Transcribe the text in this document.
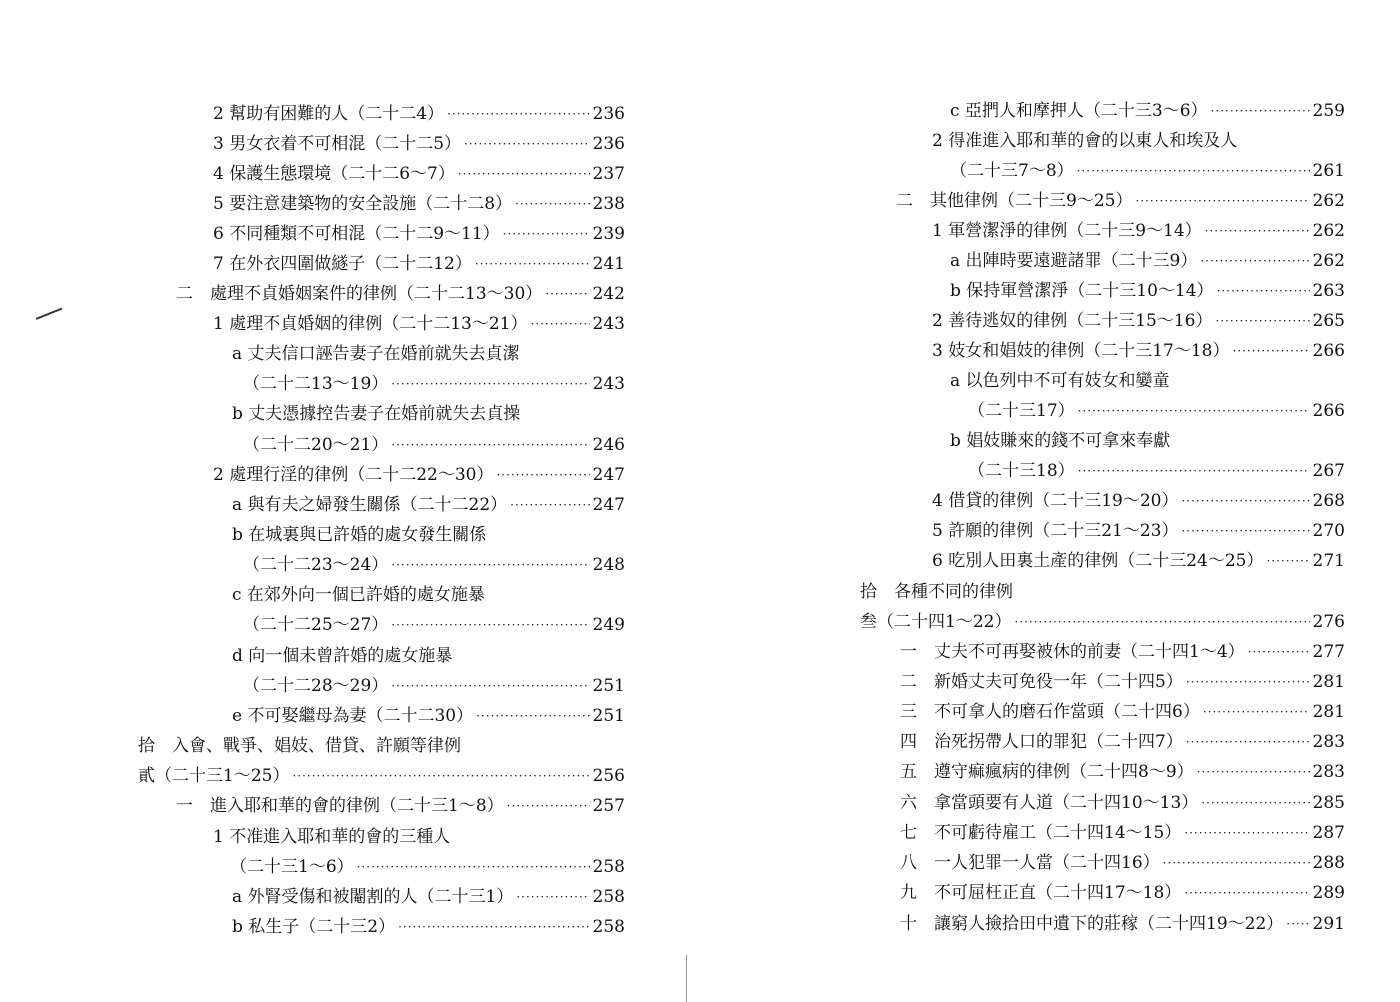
2 幫助有困難的人（二十二4） ·····	236
3 男女衣着不可相混（二十二5） ·····	236
4 保護生態環境（二十二6～7） ·····	237
5 要注意建築物的安全設施（二十二8） ·····	238
6 不同種類不可相混（二十二9～11） ·····	239
7 在外衣四圍做繸子（二十二12） ·····	241
二　處理不貞婚姻案件的律例（二十二13～30） ·····	242
1 處理不貞婚姻的律例（二十二13～21） ·····	243
a 丈夫信口誣告妻子在婚前就失去貞潔
（二十二13～19） ·····	243
b 丈夫憑據控告妻子在婚前就失去貞操
（二十二20～21） ·····	246
2 處理行淫的律例（二十二22～30） ·····	247
a 與有夫之婦發生關係（二十二22） ·····	247
b 在城裏與已許婚的處女發生關係
（二十二23～24） ·····	248
c 在郊外向一個已許婚的處女施暴
（二十二25～27） ·····	249
d 向一個未曾許婚的處女施暴
（二十二28～29） ·····	251
e 不可娶繼母為妻（二十二30） ·····	251
拾　入會、戰爭、娼妓、借貸、許願等律例
貳（二十三1～25） ·····	256
一　進入耶和華的會的律例（二十三1～8） ·····	257
1 不准進入耶和華的會的三種人
（二十三1～6） ·····	258
a 外腎受傷和被閹割的人（二十三1） ·····	258
b 私生子（二十三2） ·····	258
c 亞捫人和摩押人（二十三3～6） ·····	259
2 得准進入耶和華的會的以東人和埃及人
（二十三7～8） ·····	261
二　其他律例（二十三9～25） ·····	262
1 軍營潔淨的律例（二十三9～14） ·····	262
a 出陣時要遠避諸罪（二十三9） ·····	262
b 保持軍營潔淨（二十三10～14） ·····	263
2 善待逃奴的律例（二十三15～16） ·····	265
3 妓女和娼妓的律例（二十三17～18） ·····	266
a 以色列中不可有妓女和孌童
（二十三17） ·····	266
b 娼妓賺來的錢不可拿來奉獻
（二十三18） ·····	267
4 借貸的律例（二十三19～20） ·····	268
5 許願的律例（二十三21～23） ·····	270
6 吃別人田裏土產的律例（二十三24～25） ·····	271
拾　各種不同的律例
叁（二十四1～22） ·····	276
一　丈夫不可再娶被休的前妻（二十四1～4） ·····	277
二　新婚丈夫可免役一年（二十四5） ·····	281
三　不可拿人的磨石作當頭（二十四6） ·····	281
四　治死拐帶人口的罪犯（二十四7） ·····	283
五　遵守痲瘋病的律例（二十四8～9） ·····	283
六　拿當頭要有人道（二十四10～13） ·····	285
七　不可虧待雇工（二十四14～15） ·····	287
八　一人犯罪一人當（二十四16） ·····	288
九　不可屈枉正直（二十四17～18） ·····	289
十　讓窮人撿拾田中遺下的莊稼（二十四19～22） ····· 291
